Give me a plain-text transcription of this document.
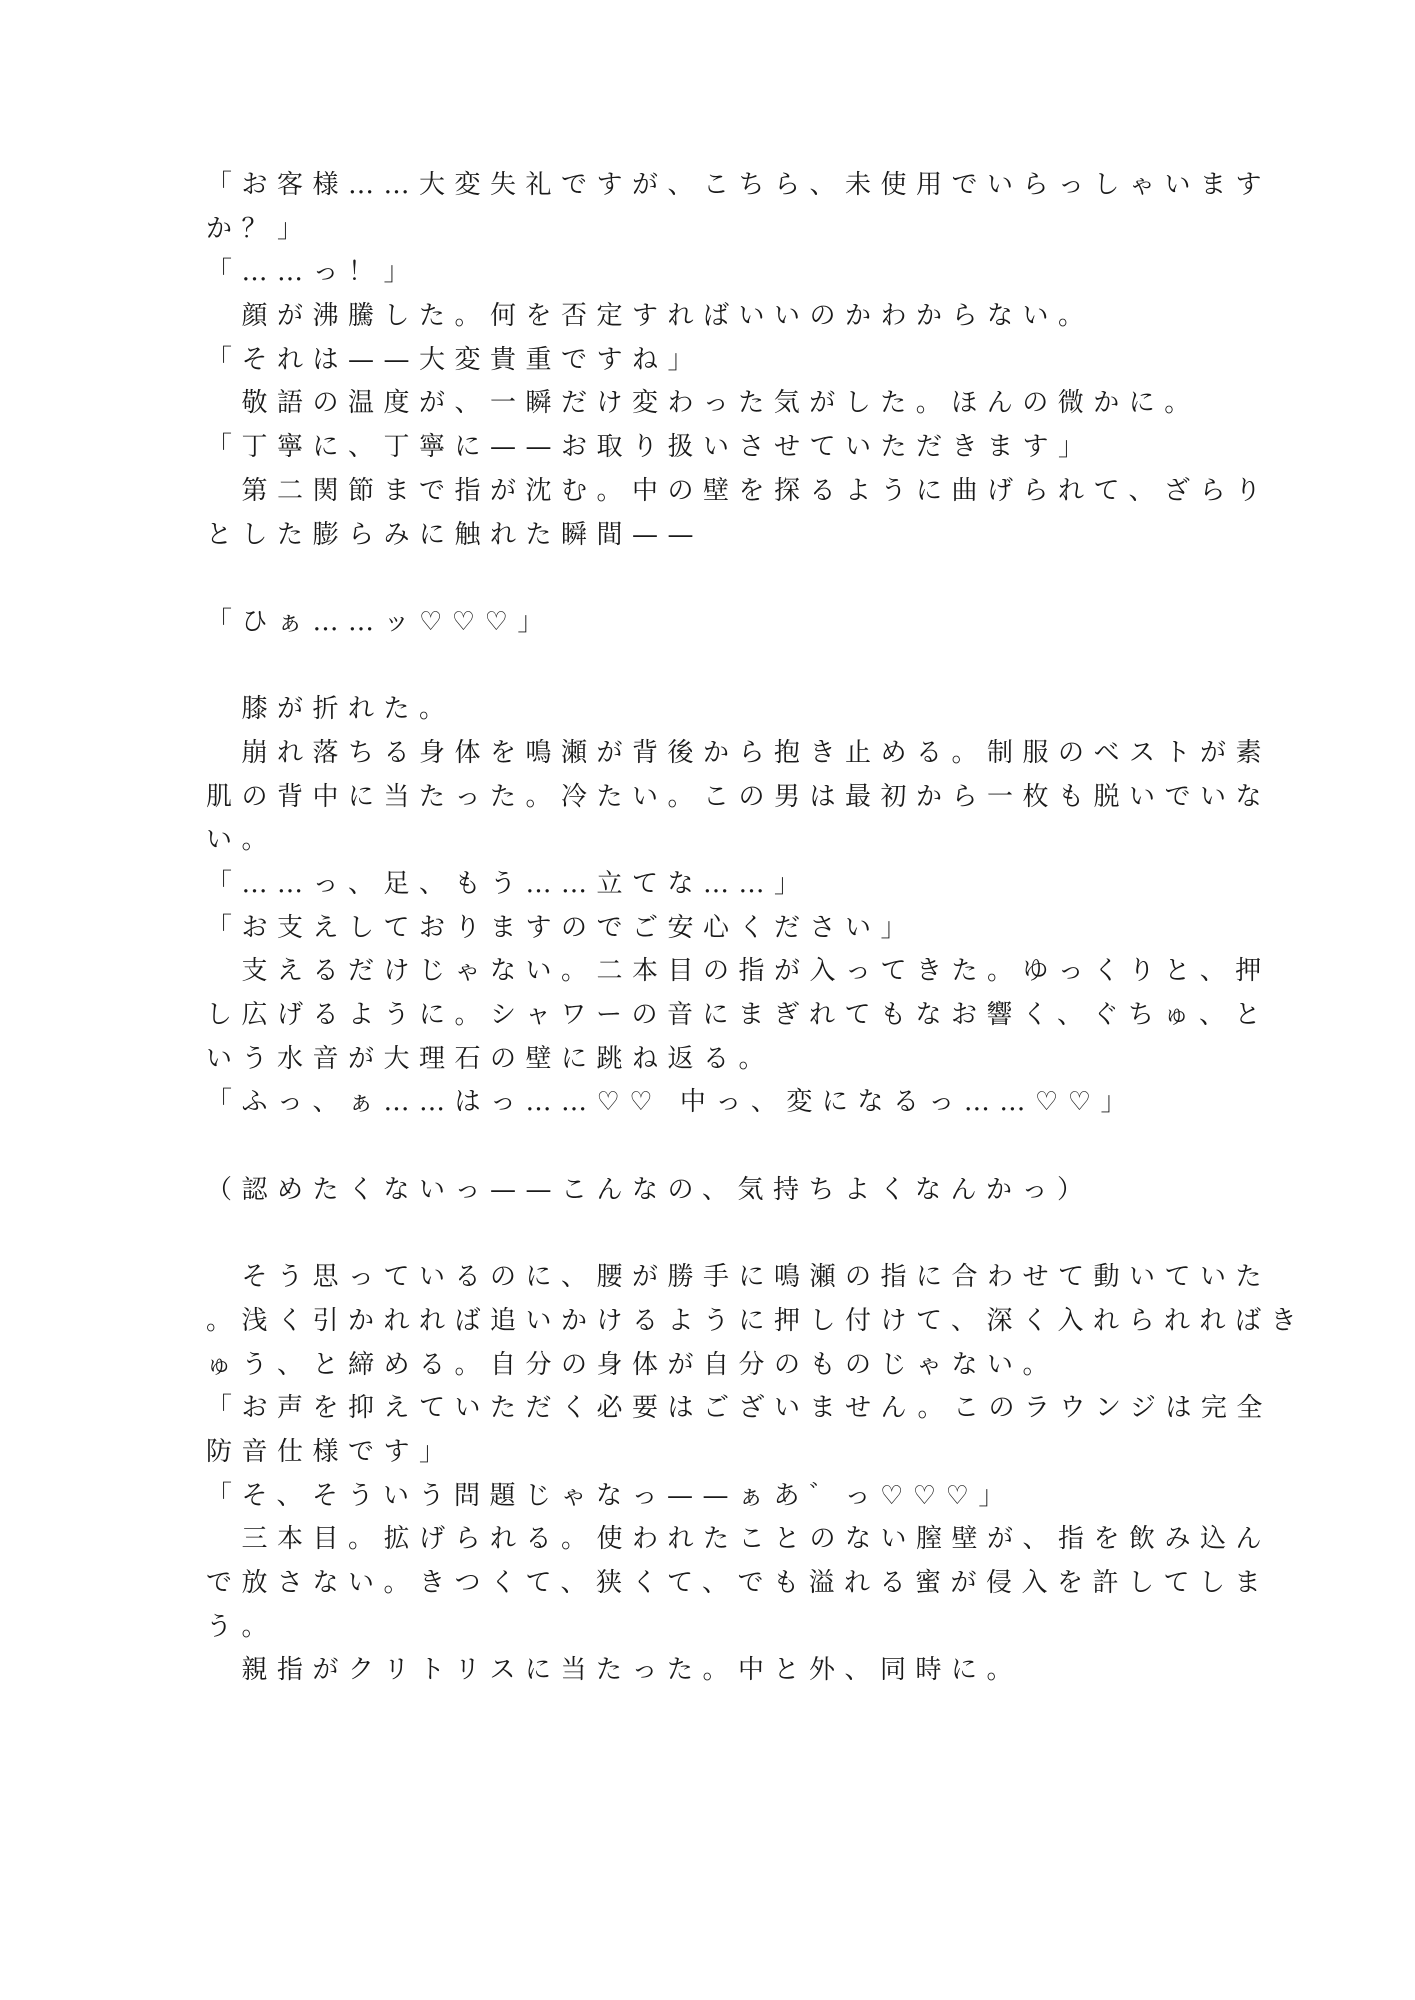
「お客様……大変失礼ですが、こちら、未使用でいらっしゃいます
か？」
「……っ！」
　顔が沸騰した。何を否定すればいいのかわからない。
「それは——大変貴重ですね」
　敬語の温度が、一瞬だけ変わった気がした。ほんの微かに。
「丁寧に、丁寧に——お取り扱いさせていただきます」
　第二関節まで指が沈む。中の壁を探るように曲げられて、ざらり
とした膨らみに触れた瞬間——
「ひぁ……ッ♡♡♡」
　膝が折れた。
　崩れ落ちる身体を鳴瀬が背後から抱き止める。制服のベストが素
肌の背中に当たった。冷たい。この男は最初から一枚も脱いでいな
い。
「……っ、足、もう……立てな……」
「お支えしておりますのでご安心ください」
　支えるだけじゃない。二本目の指が入ってきた。ゆっくりと、押
し広げるように。シャワーの音にまぎれてもなお響く、ぐちゅ、と
いう水音が大理石の壁に跳ね返る。
「ふっ、ぁ……はっ……♡♡ 中っ、変になるっ……♡♡」
（認めたくないっ——こんなの、気持ちよくなんかっ）
　そう思っているのに、腰が勝手に鳴瀬の指に合わせて動いていた
。浅く引かれれば追いかけるように押し付けて、深く入れられればき
ゅう、と締める。自分の身体が自分のものじゃない。
「お声を抑えていただく必要はございません。このラウンジは完全
防音仕様です」
「そ、そういう問題じゃなっ——ぁあ゛っ♡♡♡」
　三本目。拡げられる。使われたことのない膣壁が、指を飲み込ん
で放さない。きつくて、狭くて、でも溢れる蜜が侵入を許してしま
う。
　親指がクリトリスに当たった。中と外、同時に。
